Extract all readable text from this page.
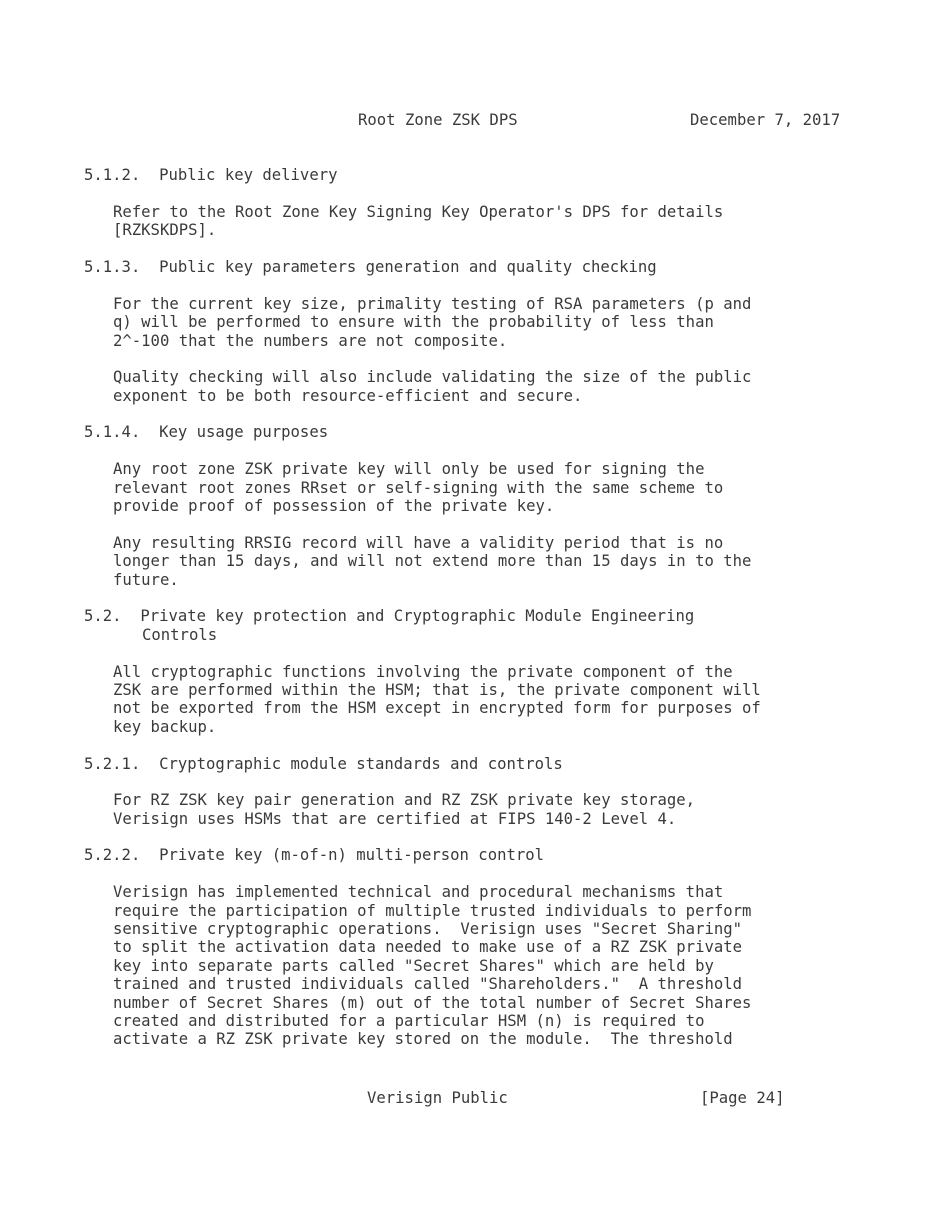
Root Zone ZSK DPS	December 7, 2017
5.1.2.  Public key delivery
Refer to the Root Zone Key Signing Key Operator's DPS for details
[RZKSKDPS].
5.1.3.  Public key parameters generation and quality checking
For the current key size, primality testing of RSA parameters (p and
q) will be performed to ensure with the probability of less than
2^-100 that the numbers are not composite.
Quality checking will also include validating the size of the public
exponent to be both resource-efficient and secure.
5.1.4.  Key usage purposes
Any root zone ZSK private key will only be used for signing the
relevant root zones RRset or self-signing with the same scheme to
provide proof of possession of the private key.
Any resulting RRSIG record will have a validity period that is no
longer than 15 days, and will not extend more than 15 days in to the
future.
5.2.  Private key protection and Cryptographic Module Engineering
Controls
All cryptographic functions involving the private component of the
ZSK are performed within the HSM; that is, the private component will
not be exported from the HSM except in encrypted form for purposes of
key backup.
5.2.1.  Cryptographic module standards and controls
For RZ ZSK key pair generation and RZ ZSK private key storage,
Verisign uses HSMs that are certified at FIPS 140-2 Level 4.
5.2.2.  Private key (m-of-n) multi-person control
Verisign has implemented technical and procedural mechanisms that
require the participation of multiple trusted individuals to perform
sensitive cryptographic operations.  Verisign uses "Secret Sharing"
to split the activation data needed to make use of a RZ ZSK private
key into separate parts called "Secret Shares" which are held by
trained and trusted individuals called "Shareholders."  A threshold
number of Secret Shares (m) out of the total number of Secret Shares
created and distributed for a particular HSM (n) is required to
activate a RZ ZSK private key stored on the module.  The threshold
Verisign Public	[Page 24]
